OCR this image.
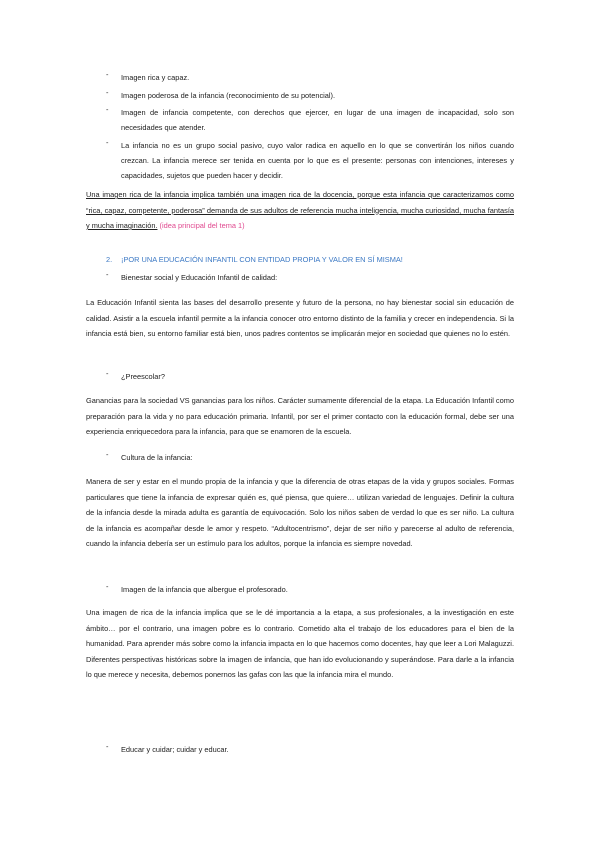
- Imagen rica y capaz.
- Imagen poderosa de la infancia (reconocimiento de su potencial).
- Imagen de infancia competente, con derechos que ejercer, en lugar de una imagen de incapacidad, solo son necesidades que atender.
- La infancia no es un grupo social pasivo, cuyo valor radica en aquello en lo que se convertirán los niños cuando crezcan. La infancia merece ser tenida en cuenta por lo que es el presente: personas con intenciones, intereses y capacidades, sujetos que pueden hacer y decidir.
Una imagen rica de la infancia implica también una imagen rica de la docencia, porque esta infancia que caracterizamos como “rica, capaz, competente, poderosa” demanda de sus adultos de referencia mucha inteligencia, mucha curiosidad, mucha fantasía y mucha imaginación. (idea principal del tema 1)
2. ¡POR UNA EDUCACIÓN INFANTIL CON ENTIDAD PROPIA Y VALOR EN SÍ MISMA!
- Bienestar social y Educación Infantil de calidad:
La Educación Infantil sienta las bases del desarrollo presente y futuro de la persona, no hay bienestar social sin educación de calidad. Asistir a la escuela infantil permite a la infancia conocer otro entorno distinto de la familia y crecer en independencia. Si la infancia está bien, su entorno familiar está bien, unos padres contentos se implicarán mejor en sociedad que quienes no lo estén.
- ¿Preescolar?
Ganancias para la sociedad VS ganancias para los niños. Carácter sumamente diferencial de la etapa. La Educación Infantil como preparación para la vida y no para educación primaria. Infantil, por ser el primer contacto con la educación formal, debe ser una experiencia enriquecedora para la infancia, para que se enamoren de la escuela.
- Cultura de la infancia:
Manera de ser y estar en el mundo propia de la infancia y que la diferencia de otras etapas de la vida y grupos sociales. Formas particulares que tiene la infancia de expresar quién es, qué piensa, que quiere… utilizan variedad de lenguajes. Definir la cultura de la infancia desde la mirada adulta es garantía de equivocación. Solo los niños saben de verdad lo que es ser niño. La cultura de la infancia es acompañar desde le amor y respeto. “Adultocentrismo”, dejar de ser niño y parecerse al adulto de referencia, cuando la infancia debería ser un estímulo para los adultos, porque la infancia es siempre novedad.
- Imagen de la infancia que albergue el profesorado.
Una imagen de rica de la infancia implica que se le dé importancia a la etapa, a sus profesionales, a la investigación en este ámbito… por el contrario, una imagen pobre es lo contrario. Cometido alta el trabajo de los educadores para el bien de la humanidad. Para aprender más sobre como la infancia impacta en lo que hacemos como docentes, hay que leer a Lori Malaguzzi. Diferentes perspectivas históricas sobre la imagen de infancia, que han ido evolucionando y superándose. Para darle a la infancia lo que merece y necesita, debemos ponernos las gafas con las que la infancia mira el mundo.
- Educar y cuidar; cuidar y educar.
